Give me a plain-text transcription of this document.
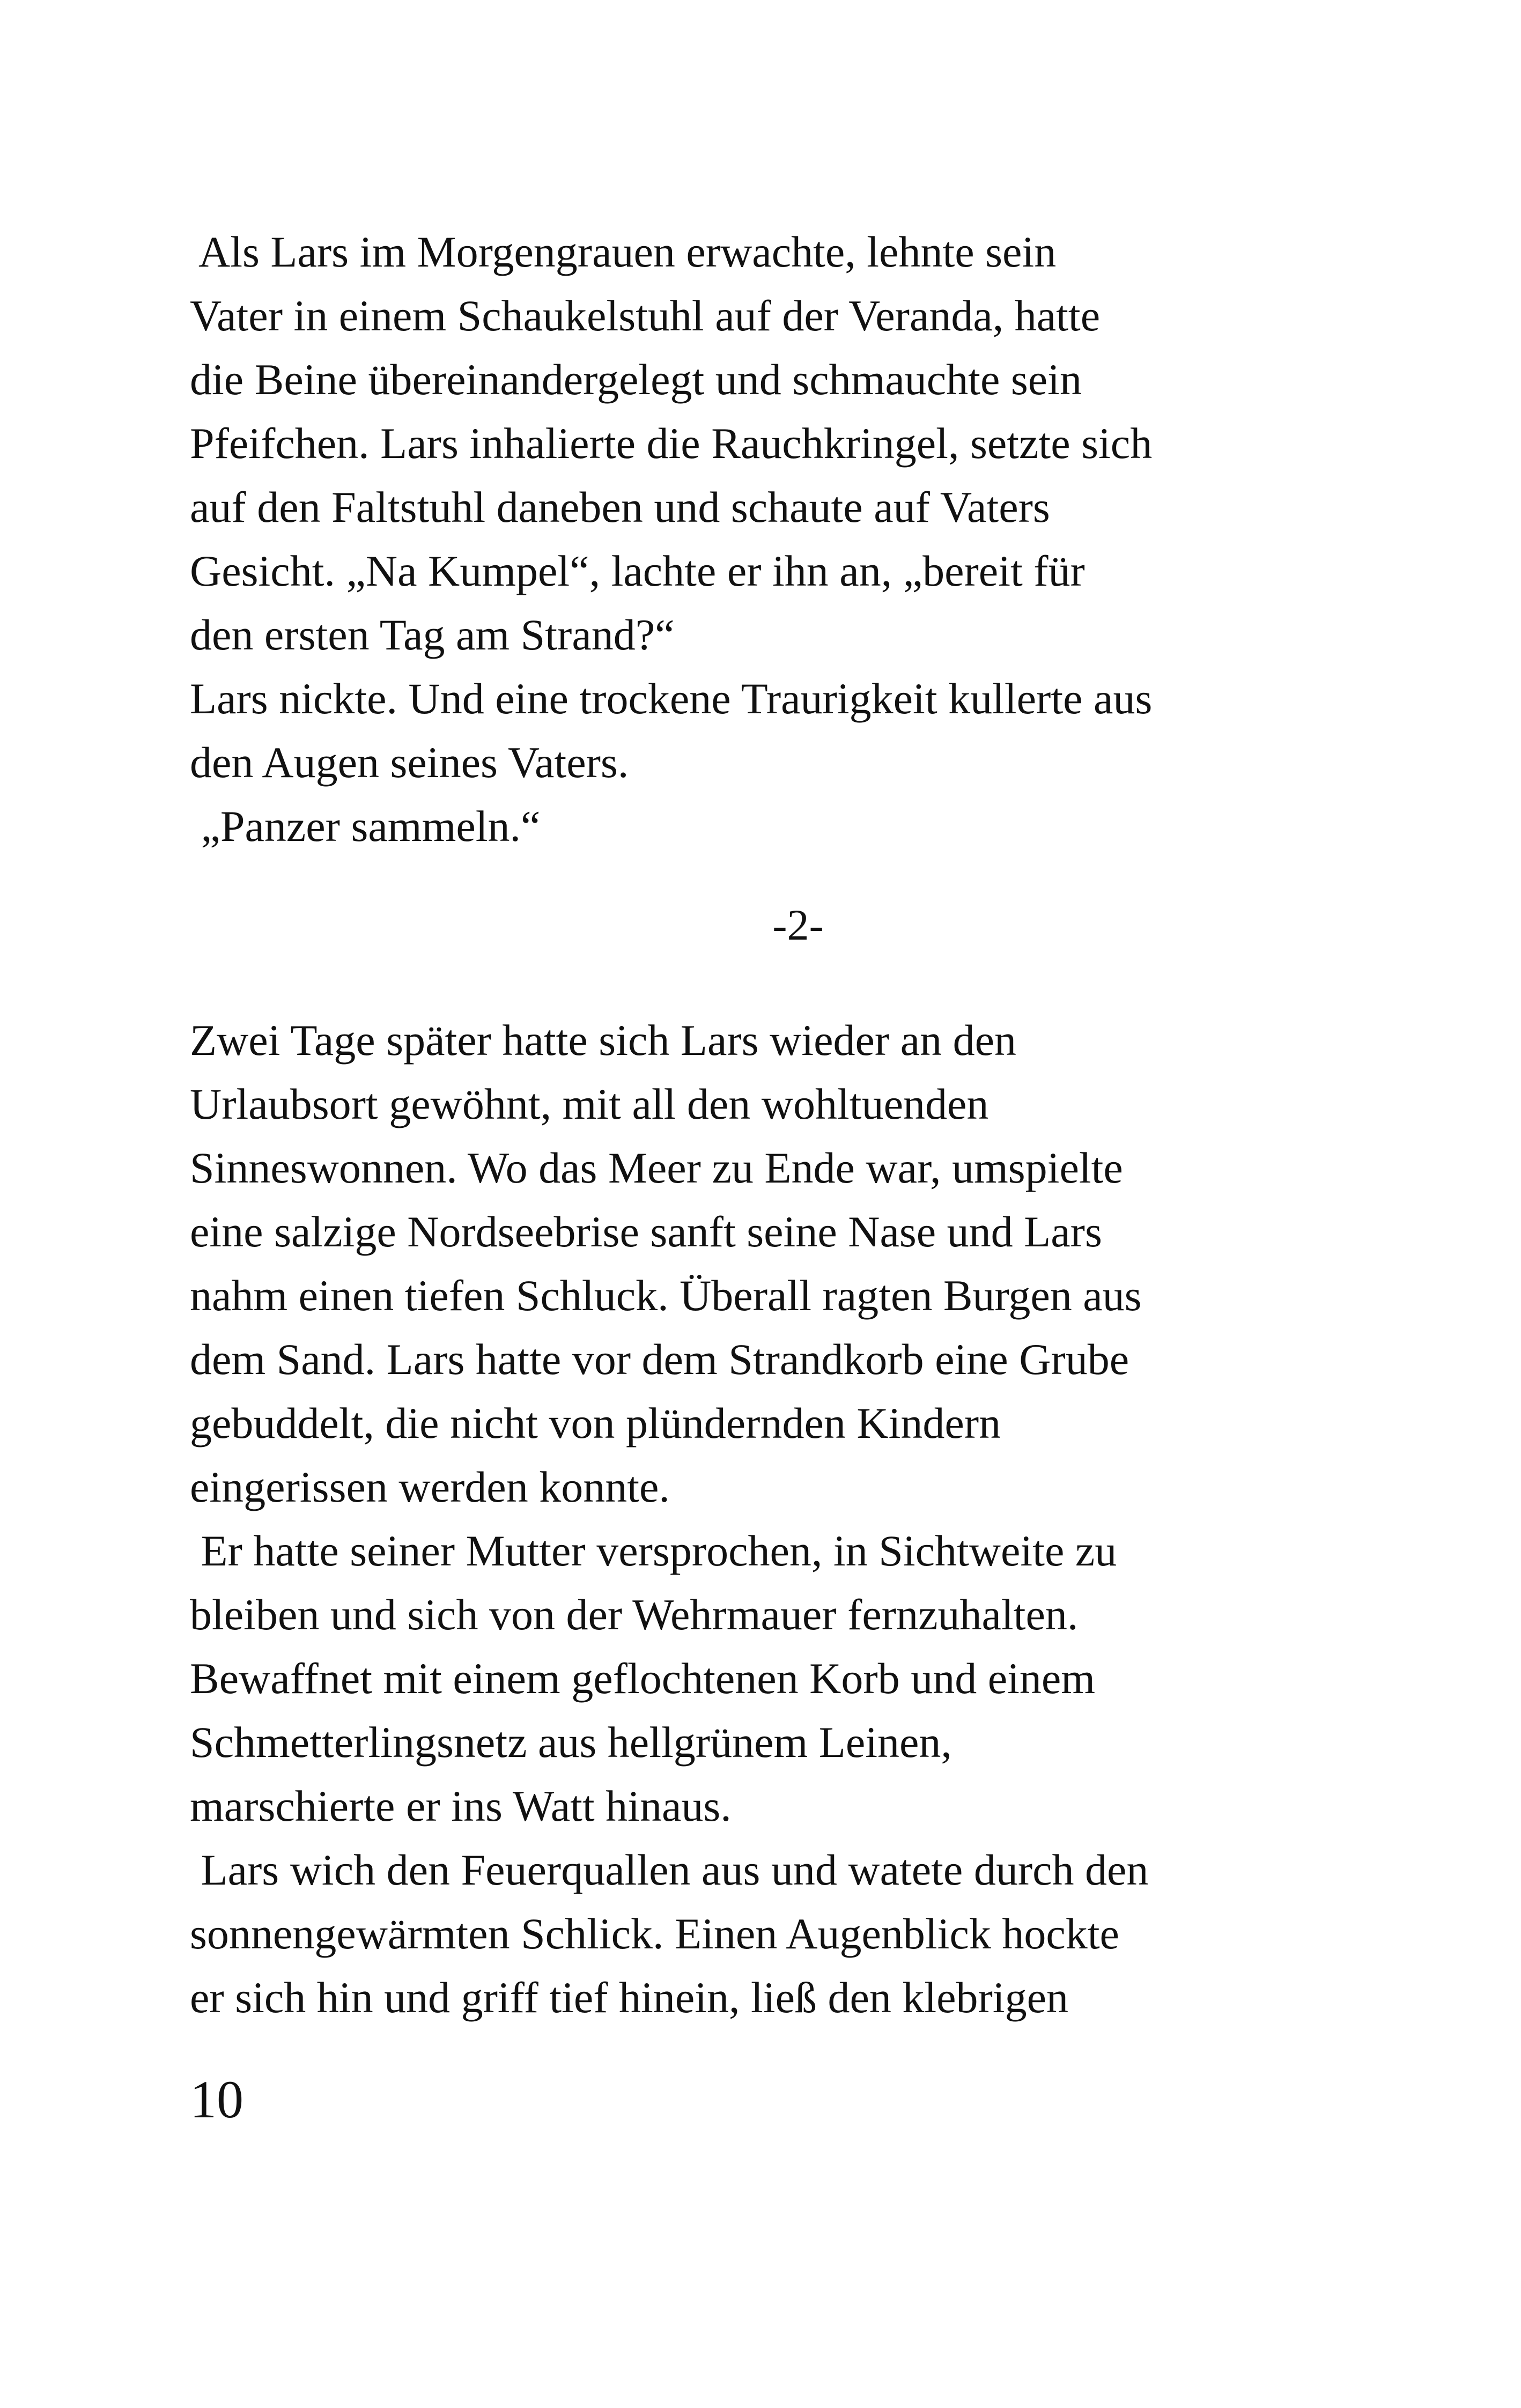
Als Lars im Morgengrauen erwachte, lehnte sein
Vater in einem Schaukelstuhl auf der Veranda, hatte
die Beine übereinandergelegt und schmauchte sein
Pfeifchen. Lars inhalierte die Rauchkringel, setzte sich
auf den Faltstuhl daneben und schaute auf Vaters
Gesicht. „Na Kumpel“, lachte er ihn an, „bereit für
den ersten Tag am Strand?“
Lars nickte. Und eine trockene Traurigkeit kullerte aus
den Augen seines Vaters.
„Panzer sammeln.“
-2-
Zwei Tage später hatte sich Lars wieder an den
Urlaubsort gewöhnt, mit all den wohltuenden
Sinneswonnen. Wo das Meer zu Ende war, umspielte
eine salzige Nordseebrise sanft seine Nase und Lars
nahm einen tiefen Schluck. Überall ragten Burgen aus
dem Sand. Lars hatte vor dem Strandkorb eine Grube
gebuddelt, die nicht von plündernden Kindern
eingerissen werden konnte.
Er hatte seiner Mutter versprochen, in Sichtweite zu
bleiben und sich von der Wehrmauer fernzuhalten.
Bewaffnet mit einem geflochtenen Korb und einem
Schmetterlingsnetz aus hellgrünem Leinen,
marschierte er ins Watt hinaus.
Lars wich den Feuerquallen aus und watete durch den
sonnengewärmten Schlick. Einen Augenblick hockte
er sich hin und griff tief hinein, ließ den klebrigen
10
